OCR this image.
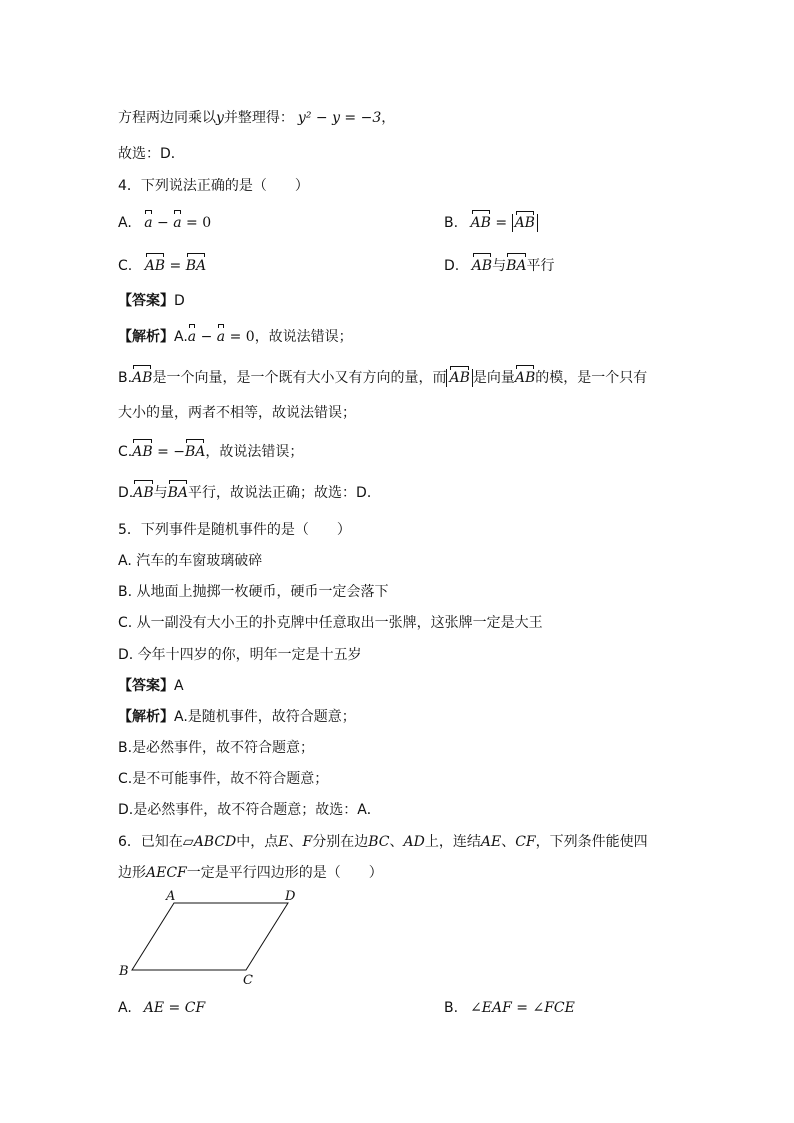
方程两边同乘以y并整理得： y² − y = −3，
故选：D．
4．下列说法正确的是（　　）
A. a − a = 0	B. AB = AB
C. AB = BA	D. AB与BA平行
【答案】D
【解析】A.a − a = 0，故说法错误；
B.AB是一个向量，是一个既有大小又有方向的量，而 AB 是向量AB的模，是一个只有
大小的量，两者不相等，故说法错误；
C.AB = −BA，故说法错误；
D.AB与BA平行，故说法正确；故选：D．
5．下列事件是随机事件的是（　　）
A. 汽车的车窗玻璃破碎
B. 从地面上抛掷一枚硬币，硬币一定会落下
C. 从一副没有大小王的扑克牌中任意取出一张牌，这张牌一定是大王
D. 今年十四岁的你，明年一定是十五岁
【答案】A
【解析】A.是随机事件，故符合题意；
B.是必然事件，故不符合题意；
C.是不可能事件，故不符合题意；
D.是必然事件，故不符合题意；故选：A．
6．已知在▱ABCD中，点E、F分别在边BC、AD上，连结AE、CF，下列条件能使四
边形AECF一定是平行四边形的是（　　）
A	D
B
C
A. AE = CF	B. ∠EAF = ∠FCE
